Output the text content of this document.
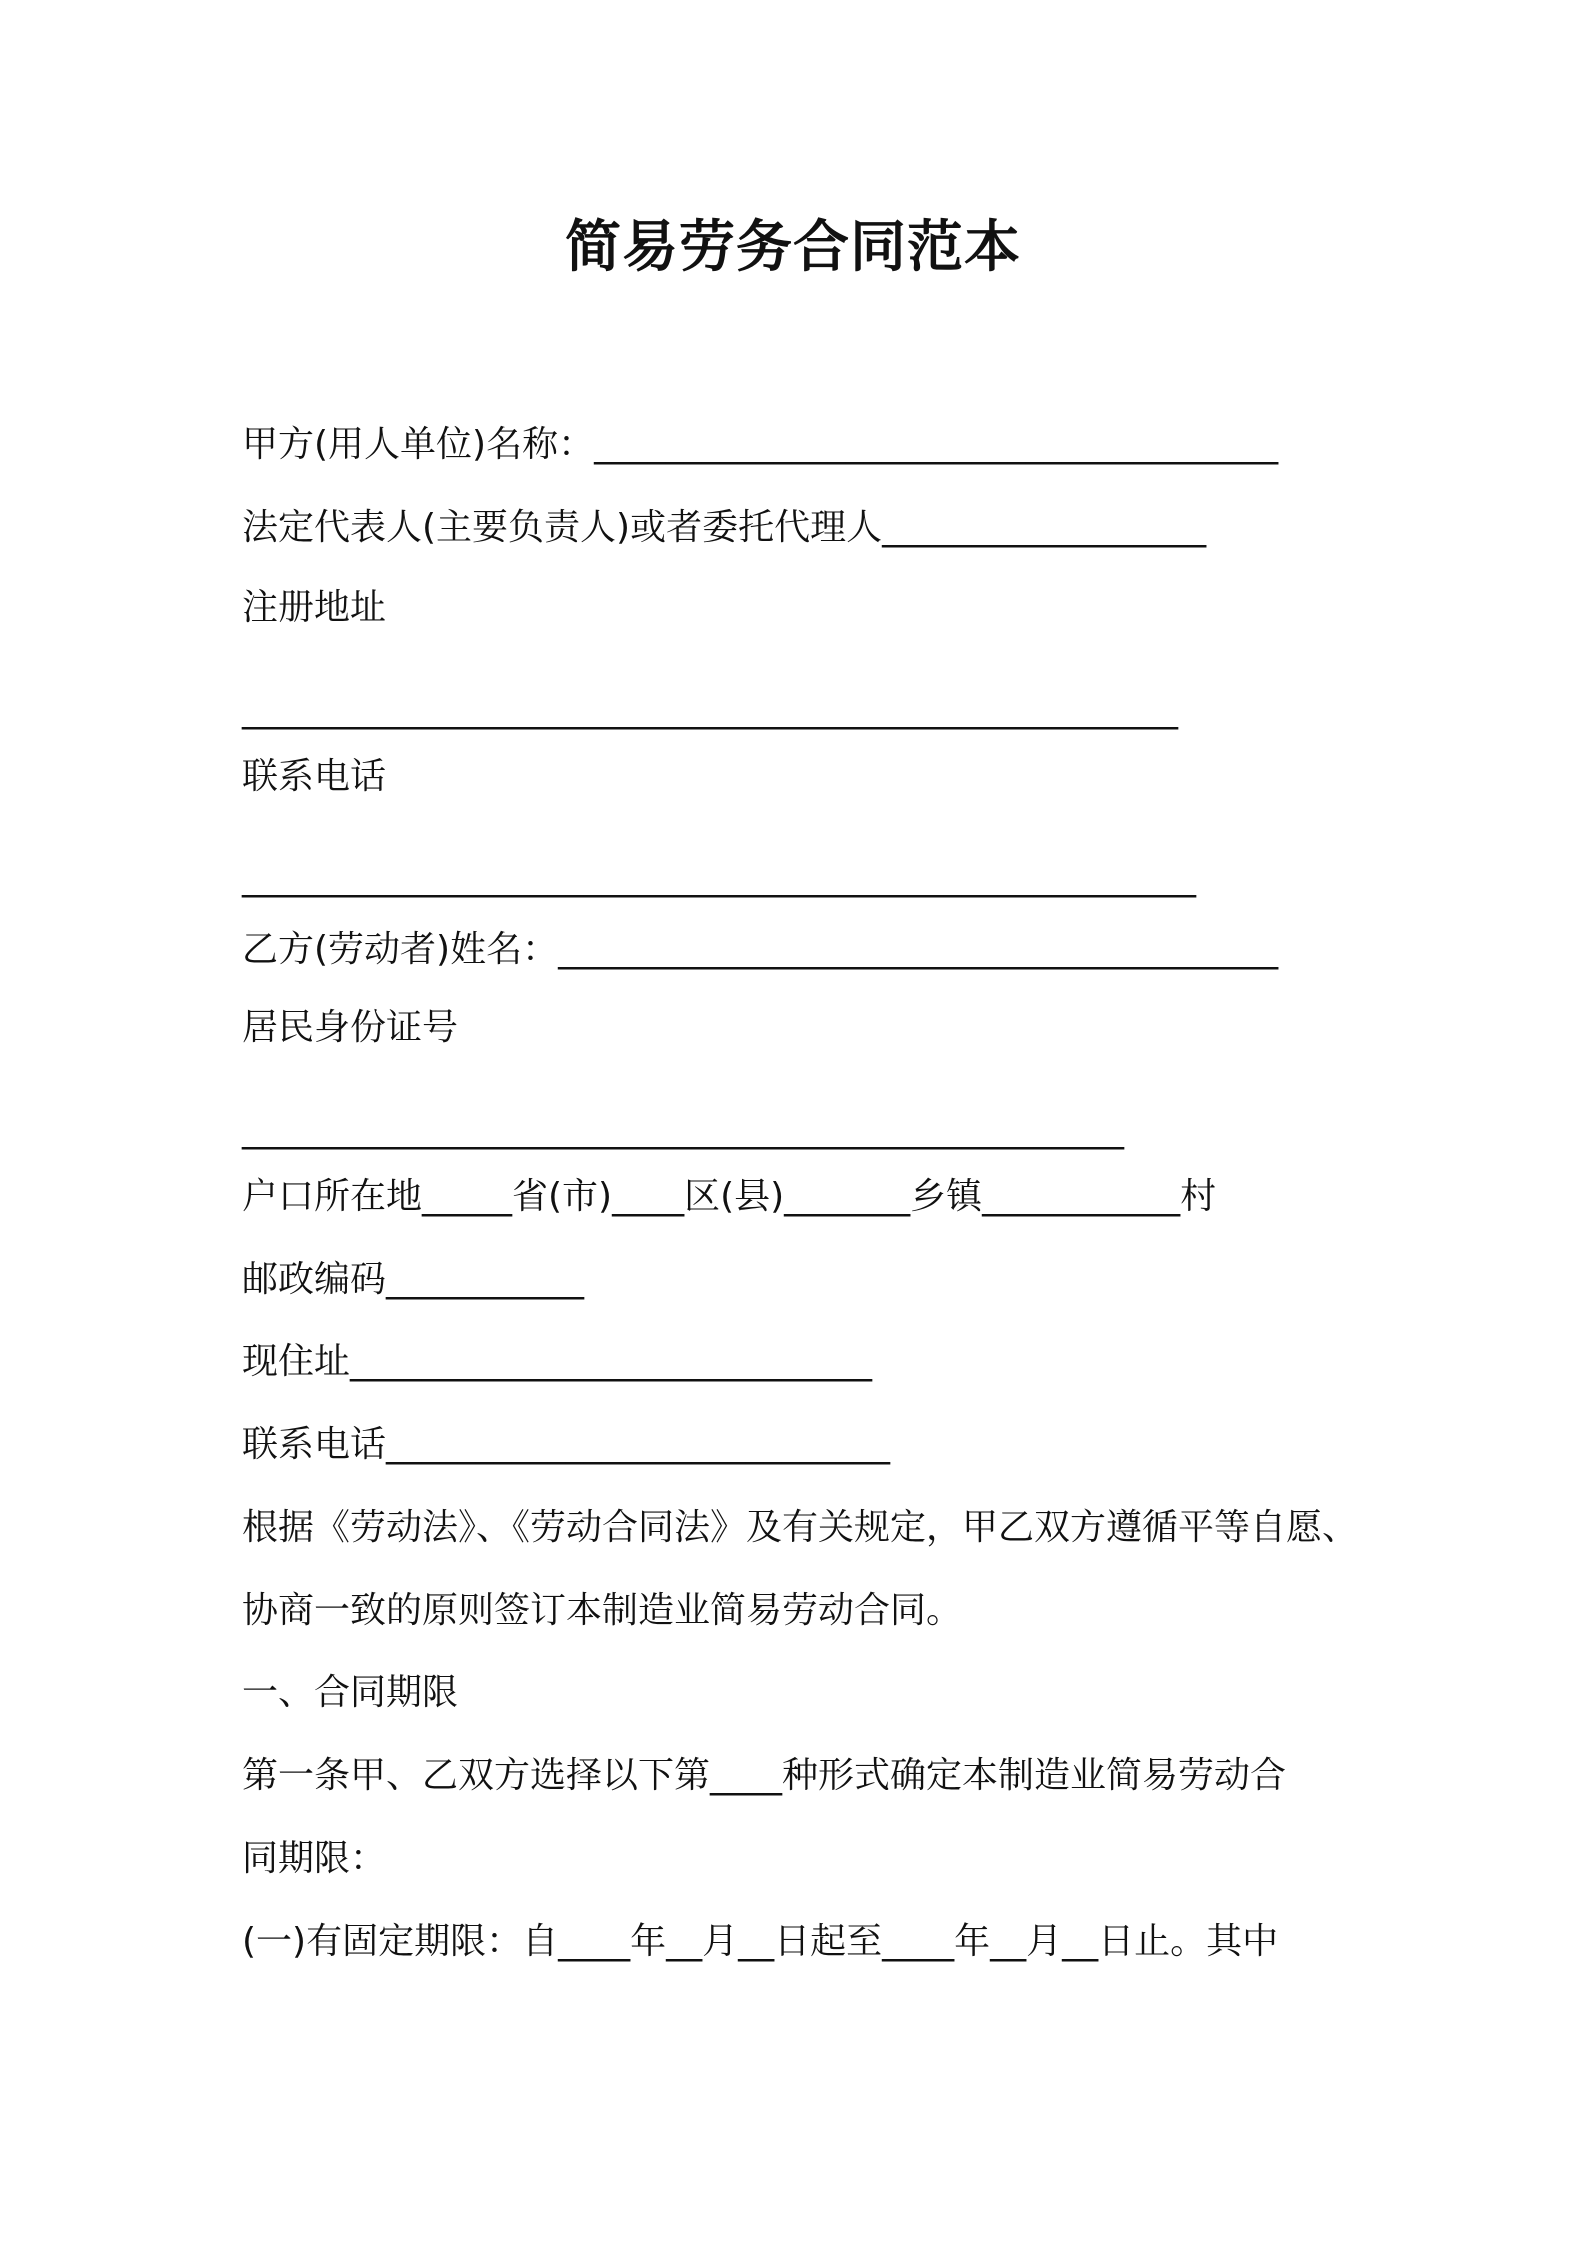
简易劳务合同范本
甲方(用人单位)名称：______________________________________
法定代表人(主要负责人)或者委托代理人__________________
注册地址
____________________________________________________
联系电话
_____________________________________________________
乙方(劳动者)姓名：________________________________________
居民身份证号
_________________________________________________
户口所在地_____省(市)____区(县)_______乡镇___________村
邮政编码___________
现住址_____________________________
联系电话____________________________
根据《劳动法》、《劳动合同法》及有关规定，甲乙双方遵循平等自愿、
协商一致的原则签订本制造业简易劳动合同。
一、合同期限
第一条甲、乙双方选择以下第____种形式确定本制造业简易劳动合
同期限：
(一)有固定期限：自____年__月__日起至____年__月__日止。其中
